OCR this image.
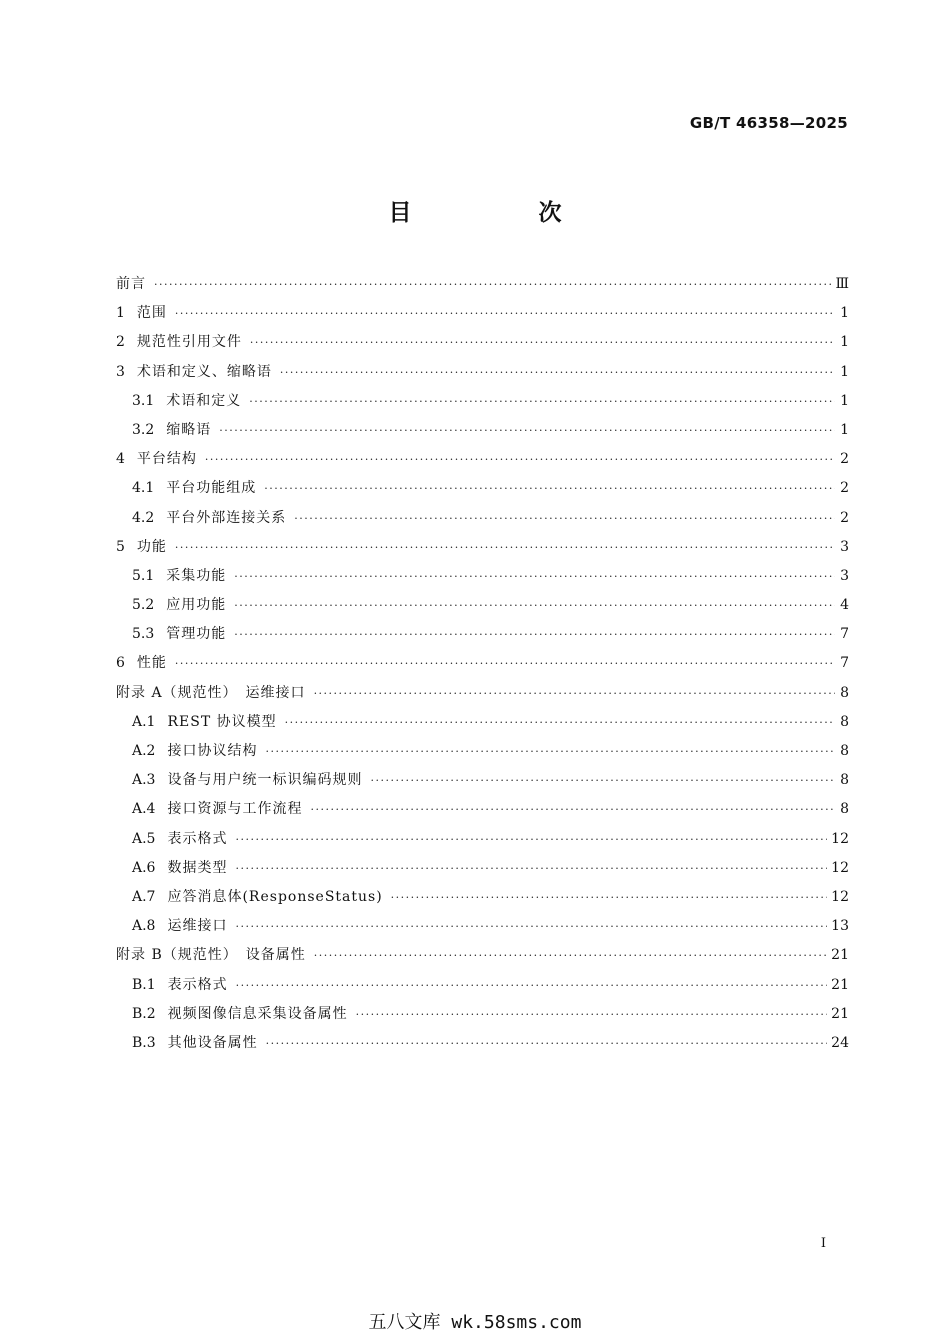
GB/T 46358—2025
目　次
前言 ·····	Ⅲ
1 范围 ·····	1
2 规范性引用文件 ·····	1
3 术语和定义、缩略语 ·····	1
3.1 术语和定义 ·····	1
3.2 缩略语 ·····	1
4 平台结构 ·····	2
4.1 平台功能组成 ·····	2
4.2 平台外部连接关系 ·····	2
5 功能 ·····	3
5.1 采集功能 ·····	3
5.2 应用功能 ·····	4
5.3 管理功能 ·····	7
6 性能 ·····	7
附录 A（规范性）　运维接口 ·····	8
A.1 REST 协议模型 ·····	8
A.2 接口协议结构 ·····	8
A.3 设备与用户统一标识编码规则 ·····	8
A.4 接口资源与工作流程 ·····	8
A.5 表示格式 ·····	12
A.6 数据类型 ·····	12
A.7 应答消息体(ResponseStatus) ·····	12
A.8 运维接口 ·····	13
附录 B（规范性）　设备属性 ·····	21
B.1 表示格式 ·····	21
B.2 视频图像信息采集设备属性 ·····	21
B.3 其他设备属性 ·····	24
I
五八文库 wk.58sms.com
